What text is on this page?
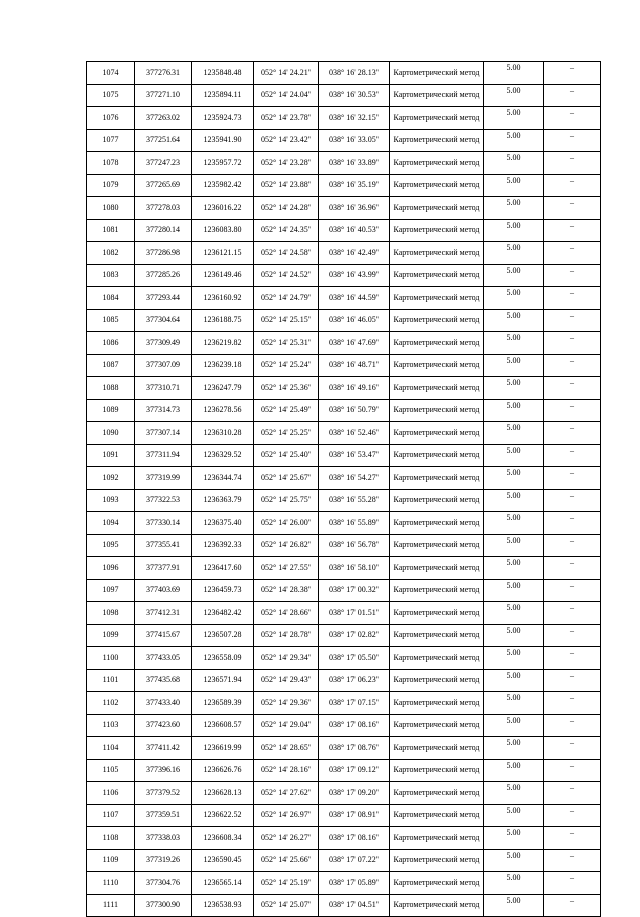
1074	377276.31	1235848.48	052° 14' 24.21"	038° 16' 28.13"	Картометрический метод	5.00	–
1075	377271.10	1235894.11	052° 14' 24.04"	038° 16' 30.53"	Картометрический метод	5.00	–
1076	377263.02	1235924.73	052° 14' 23.78"	038° 16' 32.15"	Картометрический метод	5.00	–
1077	377251.64	1235941.90	052° 14' 23.42"	038° 16' 33.05"	Картометрический метод	5.00	–
1078	377247.23	1235957.72	052° 14' 23.28"	038° 16' 33.89"	Картометрический метод	5.00	–
1079	377265.69	1235982.42	052° 14' 23.88"	038° 16' 35.19"	Картометрический метод	5.00	–
1080	377278.03	1236016.22	052° 14' 24.28"	038° 16' 36.96"	Картометрический метод	5.00	–
1081	377280.14	1236083.80	052° 14' 24.35"	038° 16' 40.53"	Картометрический метод	5.00	–
1082	377286.98	1236121.15	052° 14' 24.58"	038° 16' 42.49"	Картометрический метод	5.00	–
1083	377285.26	1236149.46	052° 14' 24.52"	038° 16' 43.99"	Картометрический метод	5.00	–
1084	377293.44	1236160.92	052° 14' 24.79"	038° 16' 44.59"	Картометрический метод	5.00	–
1085	377304.64	1236188.75	052° 14' 25.15"	038° 16' 46.05"	Картометрический метод	5.00	–
1086	377309.49	1236219.82	052° 14' 25.31"	038° 16' 47.69"	Картометрический метод	5.00	–
1087	377307.09	1236239.18	052° 14' 25.24"	038° 16' 48.71"	Картометрический метод	5.00	–
1088	377310.71	1236247.79	052° 14' 25.36"	038° 16' 49.16"	Картометрический метод	5.00	–
1089	377314.73	1236278.56	052° 14' 25.49"	038° 16' 50.79"	Картометрический метод	5.00	–
1090	377307.14	1236310.28	052° 14' 25.25"	038° 16' 52.46"	Картометрический метод	5.00	–
1091	377311.94	1236329.52	052° 14' 25.40"	038° 16' 53.47"	Картометрический метод	5.00	–
1092	377319.99	1236344.74	052° 14' 25.67"	038° 16' 54.27"	Картометрический метод	5.00	–
1093	377322.53	1236363.79	052° 14' 25.75"	038° 16' 55.28"	Картометрический метод	5.00	–
1094	377330.14	1236375.40	052° 14' 26.00"	038° 16' 55.89"	Картометрический метод	5.00	–
1095	377355.41	1236392.33	052° 14' 26.82"	038° 16' 56.78"	Картометрический метод	5.00	–
1096	377377.91	1236417.60	052° 14' 27.55"	038° 16' 58.10"	Картометрический метод	5.00	–
1097	377403.69	1236459.73	052° 14' 28.38"	038° 17' 00.32"	Картометрический метод	5.00	–
1098	377412.31	1236482.42	052° 14' 28.66"	038° 17' 01.51"	Картометрический метод	5.00	–
1099	377415.67	1236507.28	052° 14' 28.78"	038° 17' 02.82"	Картометрический метод	5.00	–
1100	377433.05	1236558.09	052° 14' 29.34"	038° 17' 05.50"	Картометрический метод	5.00	–
1101	377435.68	1236571.94	052° 14' 29.43"	038° 17' 06.23"	Картометрический метод	5.00	–
1102	377433.40	1236589.39	052° 14' 29.36"	038° 17' 07.15"	Картометрический метод	5.00	–
1103	377423.60	1236608.57	052° 14' 29.04"	038° 17' 08.16"	Картометрический метод	5.00	–
1104	377411.42	1236619.99	052° 14' 28.65"	038° 17' 08.76"	Картометрический метод	5.00	–
1105	377396.16	1236626.76	052° 14' 28.16"	038° 17' 09.12"	Картометрический метод	5.00	–
1106	377379.52	1236628.13	052° 14' 27.62"	038° 17' 09.20"	Картометрический метод	5.00	–
1107	377359.51	1236622.52	052° 14' 26.97"	038° 17' 08.91"	Картометрический метод	5.00	–
1108	377338.03	1236608.34	052° 14' 26.27"	038° 17' 08.16"	Картометрический метод	5.00	–
1109	377319.26	1236590.45	052° 14' 25.66"	038° 17' 07.22"	Картометрический метод	5.00	–
1110	377304.76	1236565.14	052° 14' 25.19"	038° 17' 05.89"	Картометрический метод	5.00	–
1111	377300.90	1236538.93	052° 14' 25.07"	038° 17' 04.51"	Картометрический метод	5.00	–
